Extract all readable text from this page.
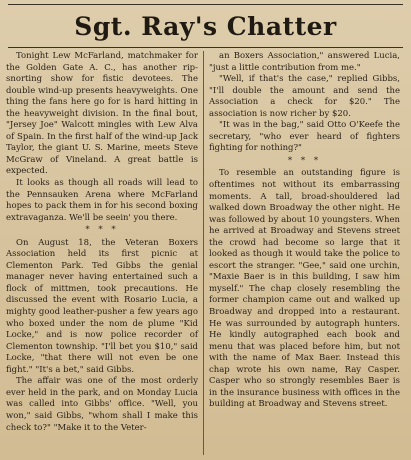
Sgt. Ray's Chatter

Tonight Lew McFarland, matchmaker for the Golden Gate A. C., has another rip-snorting show for fistic devotees. The double wind-up presents heavyweights. One thing the fans here go for is hard hitting in the heavyweight division. In the final bout, "Jersey Joe" Walcott mingles with Lew Alva of Spain. In the first half of the wind-up Jack Taylor, the giant U. S. Marine, meets Steve McGraw of Vineland. A great battle is expected.

It looks as though all roads will lead to the Pennsauken Arena where McFarland hopes to pack them in for his second boxing extravaganza. We'll be seein' you there.

* * *

On August 18, the Veteran Boxers Association held its first picnic at Clementon Park. Ted Gibbs the genial manager never having entertained such a flock of mittmen, took precautions. He discussed the event with Rosario Lucia, a mighty good leather-pusher a few years ago who boxed under the nom de plume "Kid Locke," and is now police recorder of Clementon township. "I'll bet you $10," said Locke, "that there will not even be one fight." "It's a bet," said Gibbs.

The affair was one of the most orderly ever held in the park, and on Monday Lucia was called into Gibbs' office. "Well, you won," said Gibbs, "whom shall I make this check to?" "Make it to the Veter-

an Boxers Association," answered Lucia, "just a little contribution from me."

"Well, if that's the case," replied Gibbs, "I'll double the amount and send the Association a check for $20." The association is now richer by $20.

"It was in the bag," said Otto O'Keefe the secretary, "who ever heard of fighters fighting for nothing?"

* * *

To resemble an outstanding figure is oftentimes not without its embarrassing moments. A tall, broad-shouldered lad walked down Broadway the other night. He was followed by about 10 youngsters. When he arrived at Broadway and Stevens street the crowd had become so large that it looked as though it would take the police to escort the stranger. "Gee," said one urchin, "Maxie Baer is in this building, I saw him myself." The chap closely resembling the former champion came out and walked up Broadway and dropped into a restaurant. He was surrounded by autograph hunters. He kindly autographed each book and menu that was placed before him, but not with the name of Max Baer. Instead this chap wrote his own name, Ray Casper. Casper who so strongly resembles Baer is in the insurance business with offices in the building at Broadway and Stevens street.
